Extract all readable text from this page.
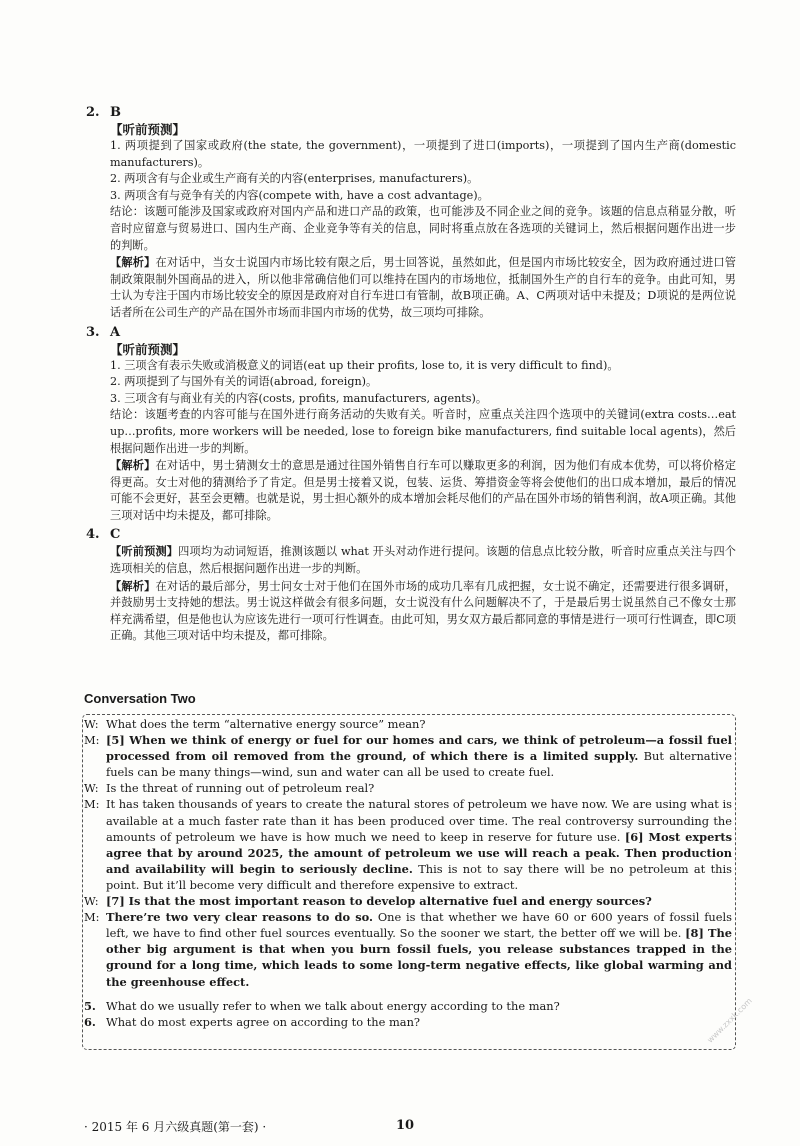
2. B
【听前预测】

1. 两项提到了国家或政府(the state, the government)，一项提到了进口(imports)，一项提到了国内生产商(domestic manufacturers)。

2. 两项含有与企业或生产商有关的内容(enterprises, manufacturers)。

3. 两项含有与竞争有关的内容(compete with, have a cost advantage)。

结论：该题可能涉及国家或政府对国内产品和进口产品的政策，也可能涉及不同企业之间的竞争。该题的信息点稍显分散，听音时应留意与贸易进口、国内生产商、企业竞争等有关的信息，同时将重点放在各选项的关键词上，然后根据问题作出进一步的判断。

【解析】在对话中，当女士说国内市场比较有限之后，男士回答说，虽然如此，但是国内市场比较安全，因为政府通过进口管制政策限制外国商品的进入，所以他非常确信他们可以维持在国内的市场地位，抵制国外生产的自行车的竞争。由此可知，男士认为专注于国内市场比较安全的原因是政府对自行车进口有管制，故B项正确。A、C两项对话中未提及；D项说的是两位说话者所在公司生产的产品在国外市场而非国内市场的优势，故三项均可排除。

3. A
【听前预测】

1. 三项含有表示失败或消极意义的词语(eat up their profits, lose to, it is very difficult to find)。

2. 两项提到了与国外有关的词语(abroad, foreign)。

3. 三项含有与商业有关的内容(costs, profits, manufacturers, agents)。

结论：该题考查的内容可能与在国外进行商务活动的失败有关。听音时，应重点关注四个选项中的关键词(extra costs…eat up…profits, more workers will be needed, lose to foreign bike manufacturers, find suitable local agents)，然后根据问题作出进一步的判断。

【解析】在对话中，男士猜测女士的意思是通过往国外销售自行车可以赚取更多的利润，因为他们有成本优势，可以将价格定得更高。女士对他的猜测给予了肯定。但是男士接着又说，包装、运货、筹措资金等将会使他们的出口成本增加，最后的情况可能不会更好，甚至会更糟。也就是说，男士担心额外的成本增加会耗尽他们的产品在国外市场的销售利润，故A项正确。其他三项对话中均未提及，都可排除。

4. C

【听前预测】四项均为动词短语，推测该题以 what 开头对动作进行提问。该题的信息点比较分散，听音时应重点关注与四个选项相关的信息，然后根据问题作出进一步的判断。

【解析】在对话的最后部分，男士问女士对于他们在国外市场的成功几率有几成把握，女士说不确定，还需要进行很多调研，并鼓励男士支持她的想法。男士说这样做会有很多问题，女士说没有什么问题解决不了，于是最后男士说虽然自己不像女士那样充满希望，但是他也认为应该先进行一项可行性调查。由此可知，男女双方最后都同意的事情是进行一项可行性调查，即C项正确。其他三项对话中均未提及，都可排除。

Conversation Two
W: What does the term “alternative energy source” mean?
M: [5] When we think of energy or fuel for our homes and cars, we think of petroleum—a fossil fuel processed from oil removed from the ground, of which there is a limited supply. But alternative fuels can be many things—wind, sun and water can all be used to create fuel.
W: Is the threat of running out of petroleum real?
M: It has taken thousands of years to create the natural stores of petroleum we have now. We are using what is available at a much faster rate than it has been produced over time. The real controversy surrounding the amounts of petroleum we have is how much we need to keep in reserve for future use. [6] Most experts agree that by around 2025, the amount of petroleum we use will reach a peak. Then production and availability will begin to seriously decline. This is not to say there will be no petroleum at this point. But it’ll become very difficult and therefore expensive to extract.
W: [7] Is that the most important reason to develop alternative fuel and energy sources?
M: There’re two very clear reasons to do so. One is that whether we have 60 or 600 years of fossil fuels left, we have to find other fuel sources eventually. So the sooner we start, the better off we will be. [8] The other big argument is that when you burn fossil fuels, you release substances trapped in the ground for a long time, which leads to some long-term negative effects, like global warming and the greenhouse effect.
5. What do we usually refer to when we talk about energy according to the man?
6. What do most experts agree on according to the man?
· 2015 年 6 月六级真题(第一套) ·	10
www.zxxk.com
